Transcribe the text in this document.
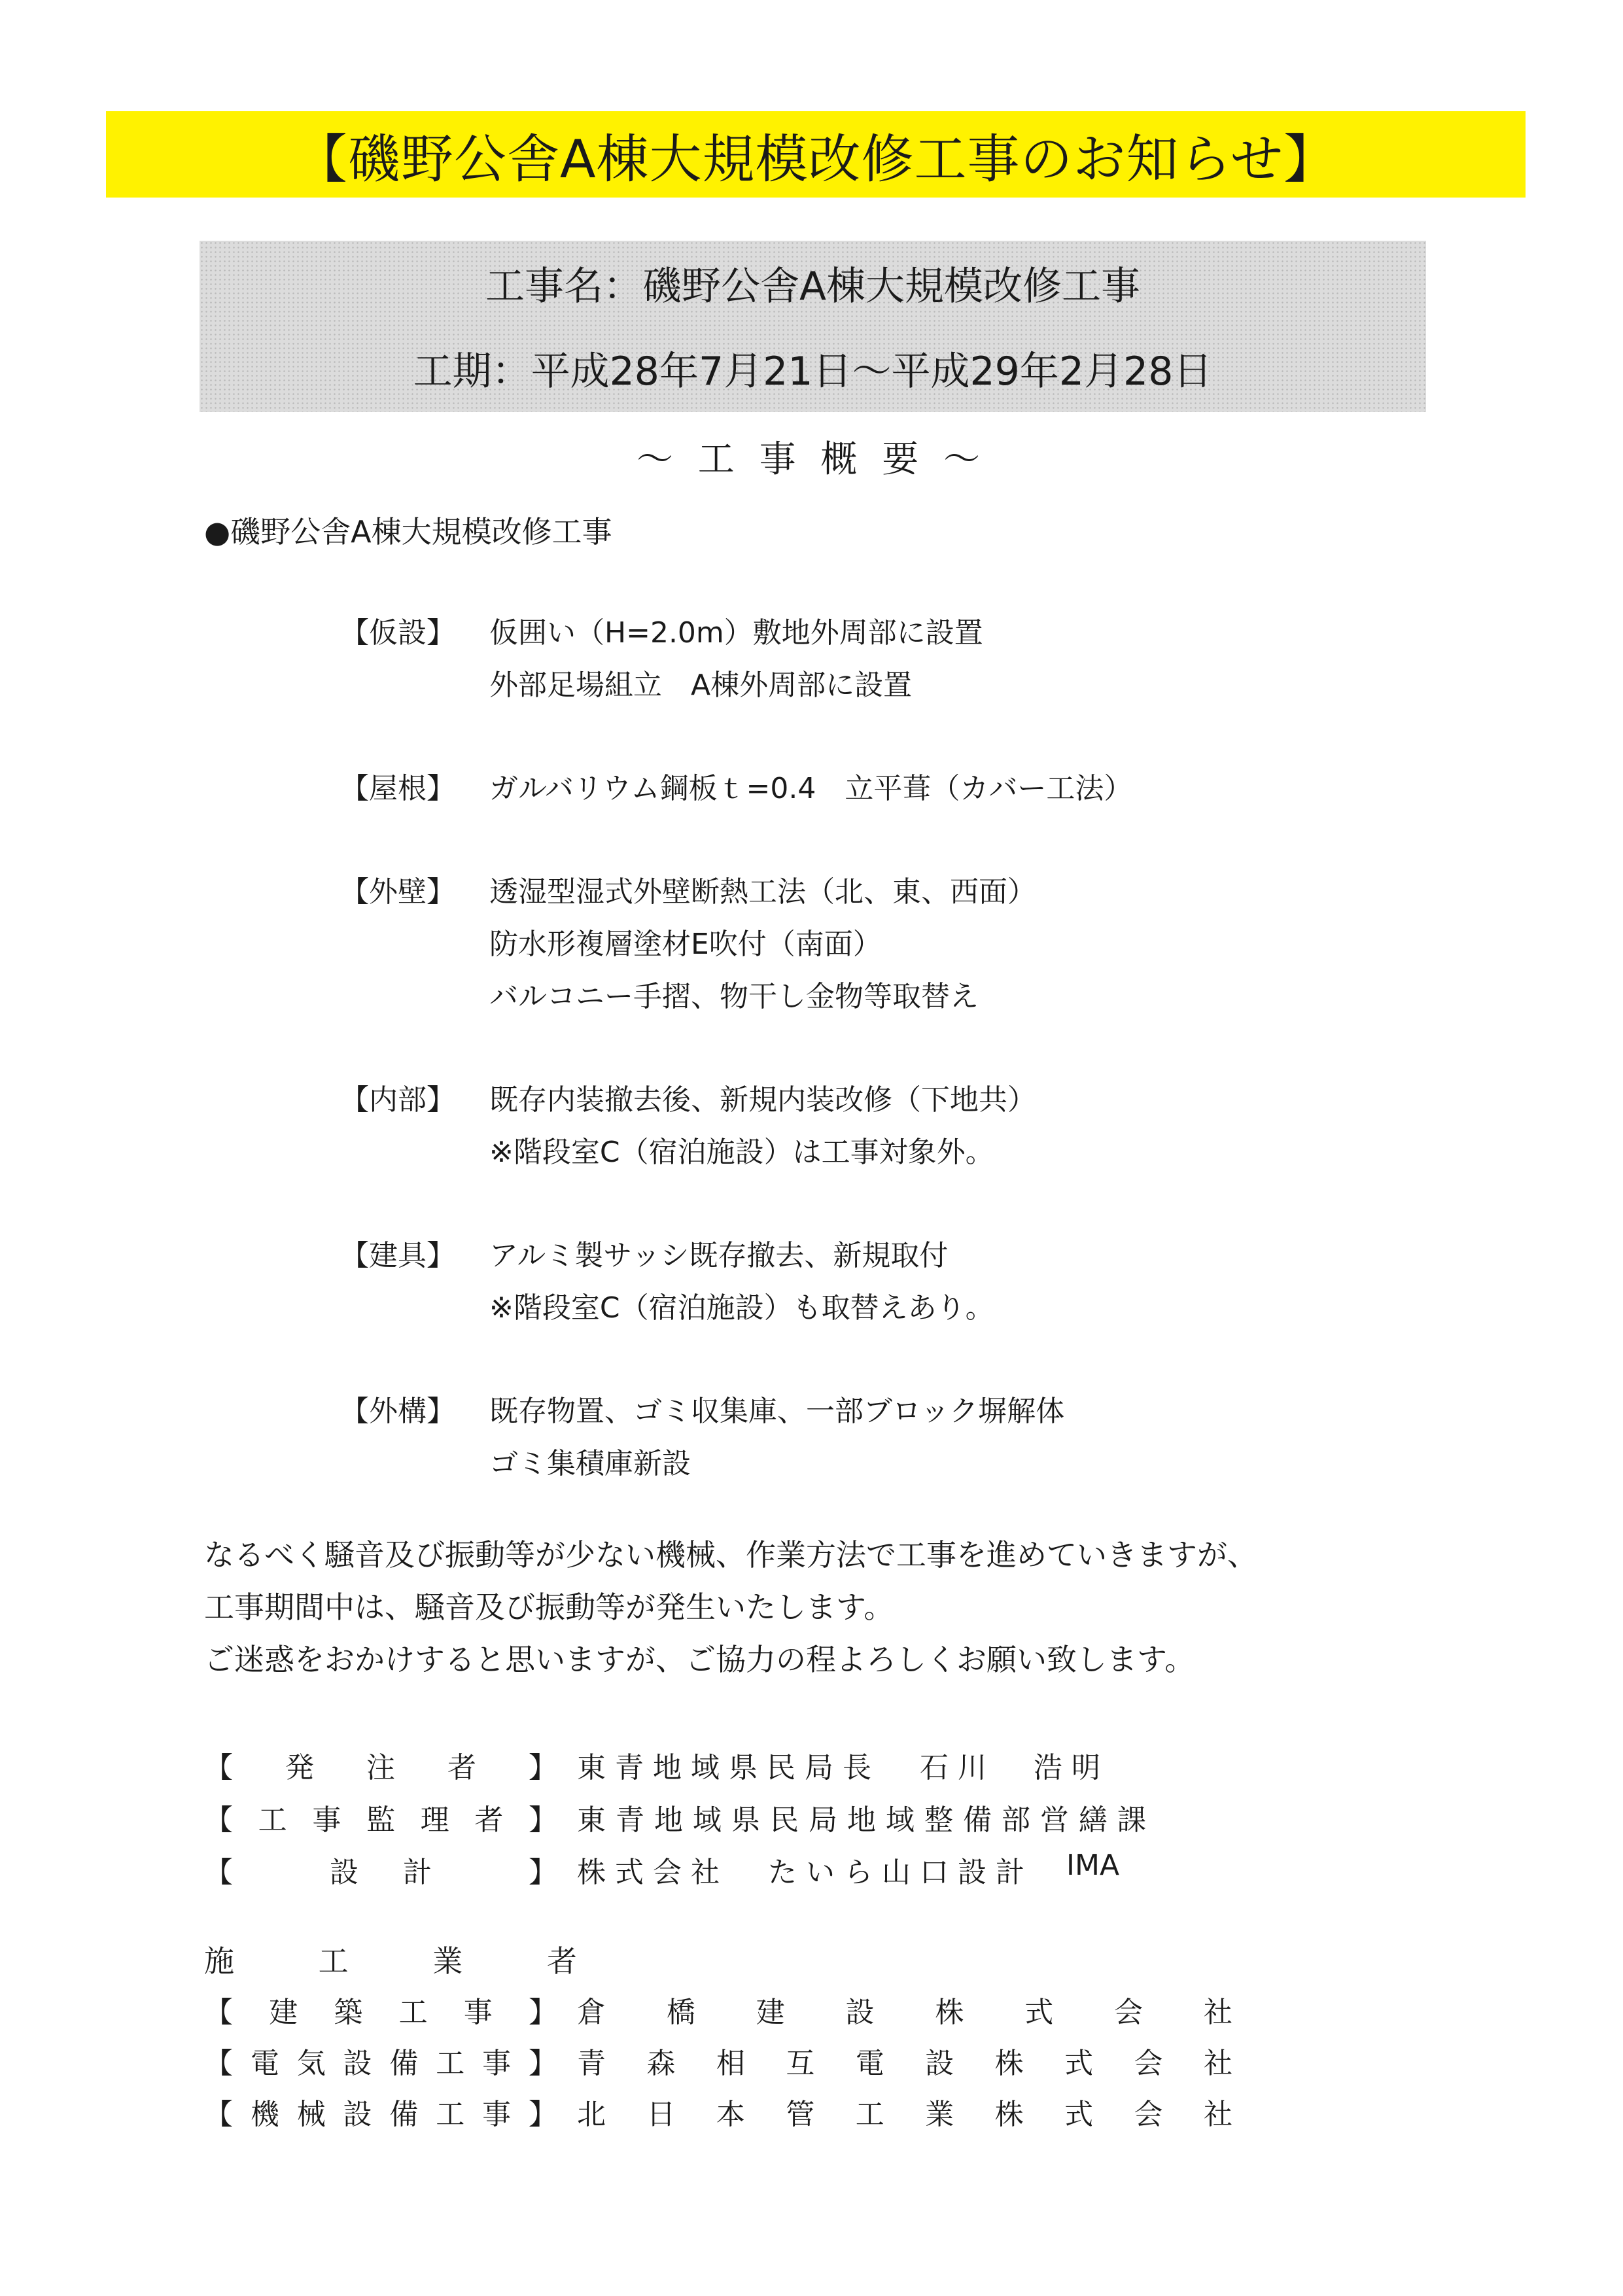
【磯野公舎A棟大規模改修工事のお知らせ】
工事名：磯野公舎A棟大規模改修工事
工期：平成28年7月21日～平成29年2月28日
～ 工 事 概 要 ～
●磯野公舎A棟大規模改修工事
【仮設】 仮囲い（H=2.0m）敷地外周部に設置
外部足場組立　A棟外周部に設置
【屋根】 ガルバリウム鋼板ｔ=0.4　立平葺（カバー工法）
【外壁】 透湿型湿式外壁断熱工法（北、東、西面）
防水形複層塗材E吹付（南面）
バルコニー手摺、物干し金物等取替え
【内部】 既存内装撤去後、新規内装改修（下地共）
※階段室C（宿泊施設）は工事対象外。
【建具】 アルミ製サッシ既存撤去、新規取付
※階段室C（宿泊施設）も取替えあり。
【外構】 既存物置、ゴミ収集庫、一部ブロック塀解体
ゴミ集積庫新設
なるべく騒音及び振動等が少ない機械、作業方法で工事を進めていきますが、
工事期間中は、騒音及び振動等が発生いたします。
ご迷惑をおかけすると思いますが、ご協力の程よろしくお願い致します。
【 発 注 者 】 東青地域県民局長 石川　浩明
【 工 事 監 理 者 】 東青地域県民局地域整備部営繕課
【	設 計	】 株式会社 たいら山口設計 IMA
施	工	業	者
【 建 築 工 事 】 倉 橋 建 設 株 式 会 社
【 電 気 設 備 工 事 】 青 森 相 互 電 設 株 式 会 社
【 機 械 設 備 工 事 】 北 日 本 管 工 業 株 式 会 社
